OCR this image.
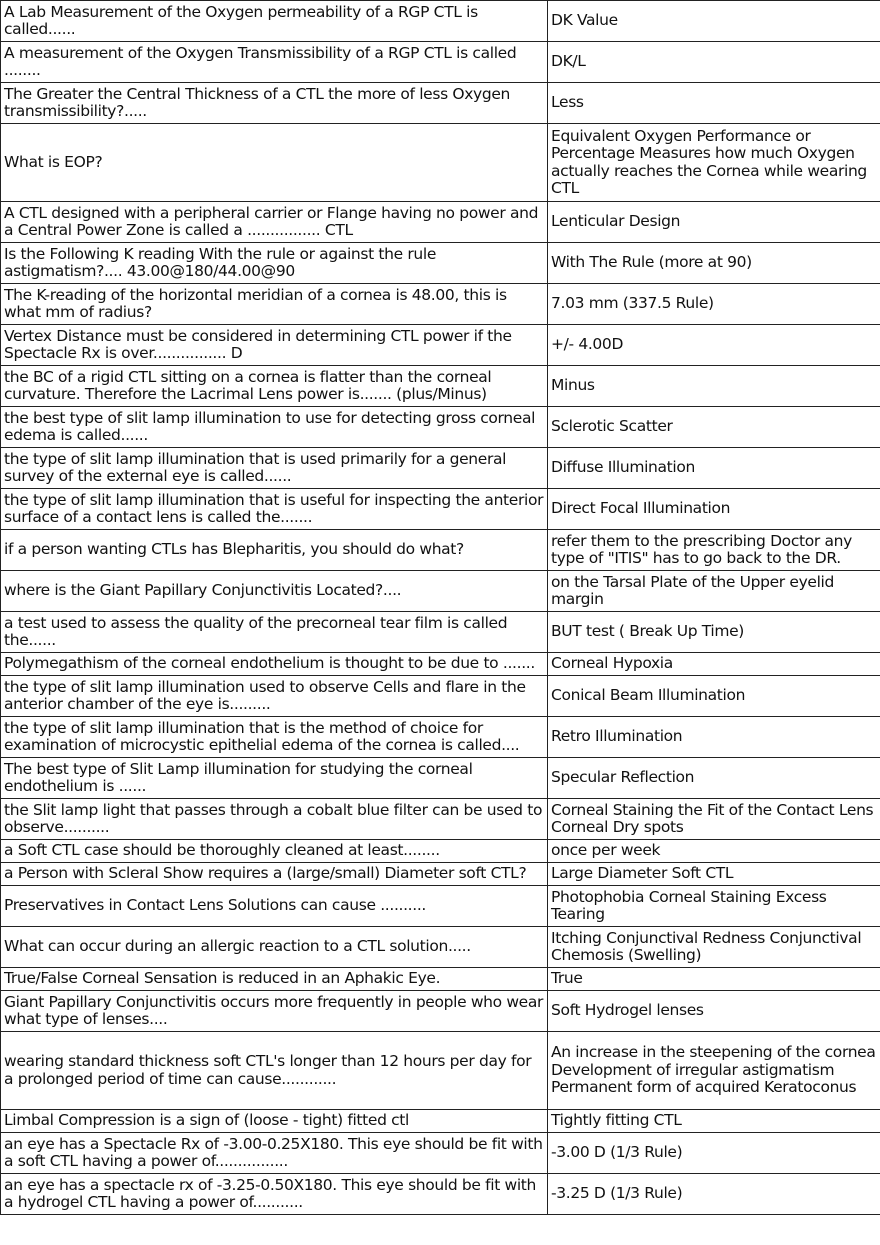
A Lab Measurement of the Oxygen permeability of a RGP CTL is called......	DK Value
A measurement of the Oxygen Transmissibility of a RGP CTL is called ........	DK/L
The Greater the Central Thickness of a CTL the more of less Oxygen transmissibility?.....	Less
What is EOP?	Equivalent Oxygen Performance or Percentage Measures how much Oxygen actually reaches the Cornea while wearing CTL
A CTL designed with a peripheral carrier or Flange having no power and a Central Power Zone is called a ................ CTL	Lenticular Design
Is the Following K reading With the rule or against the rule astigmatism?.... 43.00@180/44.00@90	With The Rule (more at 90)
The K-reading of the horizontal meridian of a cornea is 48.00, this is what mm of radius?	7.03 mm (337.5 Rule)
Vertex Distance must be considered in determining CTL power if the Spectacle Rx is over................ D	+/- 4.00D
the BC of a rigid CTL sitting on a cornea is flatter than the corneal curvature. Therefore the Lacrimal Lens power is....... (plus/Minus)	Minus
the best type of slit lamp illumination to use for detecting gross corneal edema is called......	Sclerotic Scatter
the type of slit lamp illumination that is used primarily for a general survey of the external eye is called......	Diffuse Illumination
the type of slit lamp illumination that is useful for inspecting the anterior surface of a contact lens is called the.......	Direct Focal Illumination
if a person wanting CTLs has Blepharitis, you should do what?	refer them to the prescribing Doctor any type of "ITIS" has to go back to the DR.
where is the Giant Papillary Conjunctivitis Located?....	on the Tarsal Plate of the Upper eyelid margin
a test used to assess the quality of the precorneal tear film is called the......	BUT test ( Break Up Time)
Polymegathism of the corneal endothelium is thought to be due to .......	Corneal Hypoxia
the type of slit lamp illumination used to observe Cells and flare in the anterior chamber of the eye is.........	Conical Beam Illumination
the type of slit lamp illumination that is the method of choice for examination of microcystic epithelial edema of the cornea is called....	Retro Illumination
The best type of Slit Lamp illumination for studying the corneal endothelium is ......	Specular Reflection
the Slit lamp light that passes through a cobalt blue filter can be used to observe..........	Corneal Staining the Fit of the Contact Lens Corneal Dry spots
a Soft CTL case should be thoroughly cleaned at least........	once per week
a Person with Scleral Show requires a (large/small) Diameter soft CTL?	Large Diameter Soft CTL
Preservatives in Contact Lens Solutions can cause ..........	Photophobia Corneal Staining Excess Tearing
What can occur during an allergic reaction to a CTL solution.....	Itching Conjunctival Redness Conjunctival Chemosis (Swelling)
True/False Corneal Sensation is reduced in an Aphakic Eye.	True
Giant Papillary Conjunctivitis occurs more frequently in people who wear what type of lenses....	Soft Hydrogel lenses
wearing standard thickness soft CTL's longer than 12 hours per day for a prolonged period of time can cause............	An increase in the steepening of the cornea Development of irregular astigmatism Permanent form of acquired Keratoconus
Limbal Compression is a sign of (loose - tight) fitted ctl	Tightly fitting CTL
an eye has a Spectacle Rx of -3.00-0.25X180. This eye should be fit with a soft CTL having a power of................	-3.00 D (1/3 Rule)
an eye has a spectacle rx of -3.25-0.50X180. This eye should be fit with a hydrogel CTL having a power of...........	-3.25 D (1/3 Rule)
